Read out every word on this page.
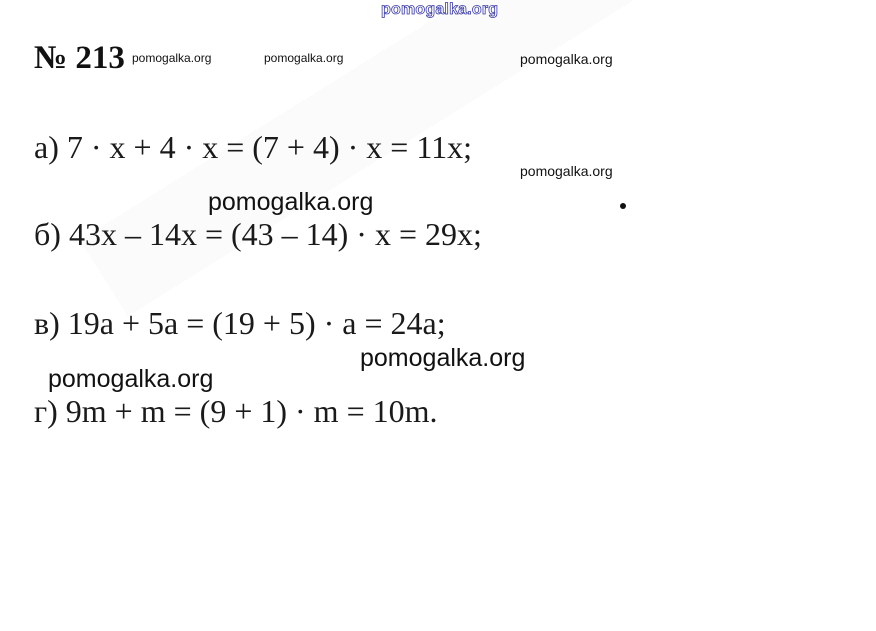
pomogalka.org
№ 213
а) 7 · x + 4 · x = (7 + 4) · x = 11x;
б) 43x – 14x = (43 – 14) · x = 29x;
в) 19a + 5a = (19 + 5) · a = 24a;
г) 9m + m = (9 + 1) · m = 10m.
pomogalka.org	pomogalka.org	pomogalka.org
pomogalka.org
pomogalka.org
pomogalka.org
pomogalka.org
